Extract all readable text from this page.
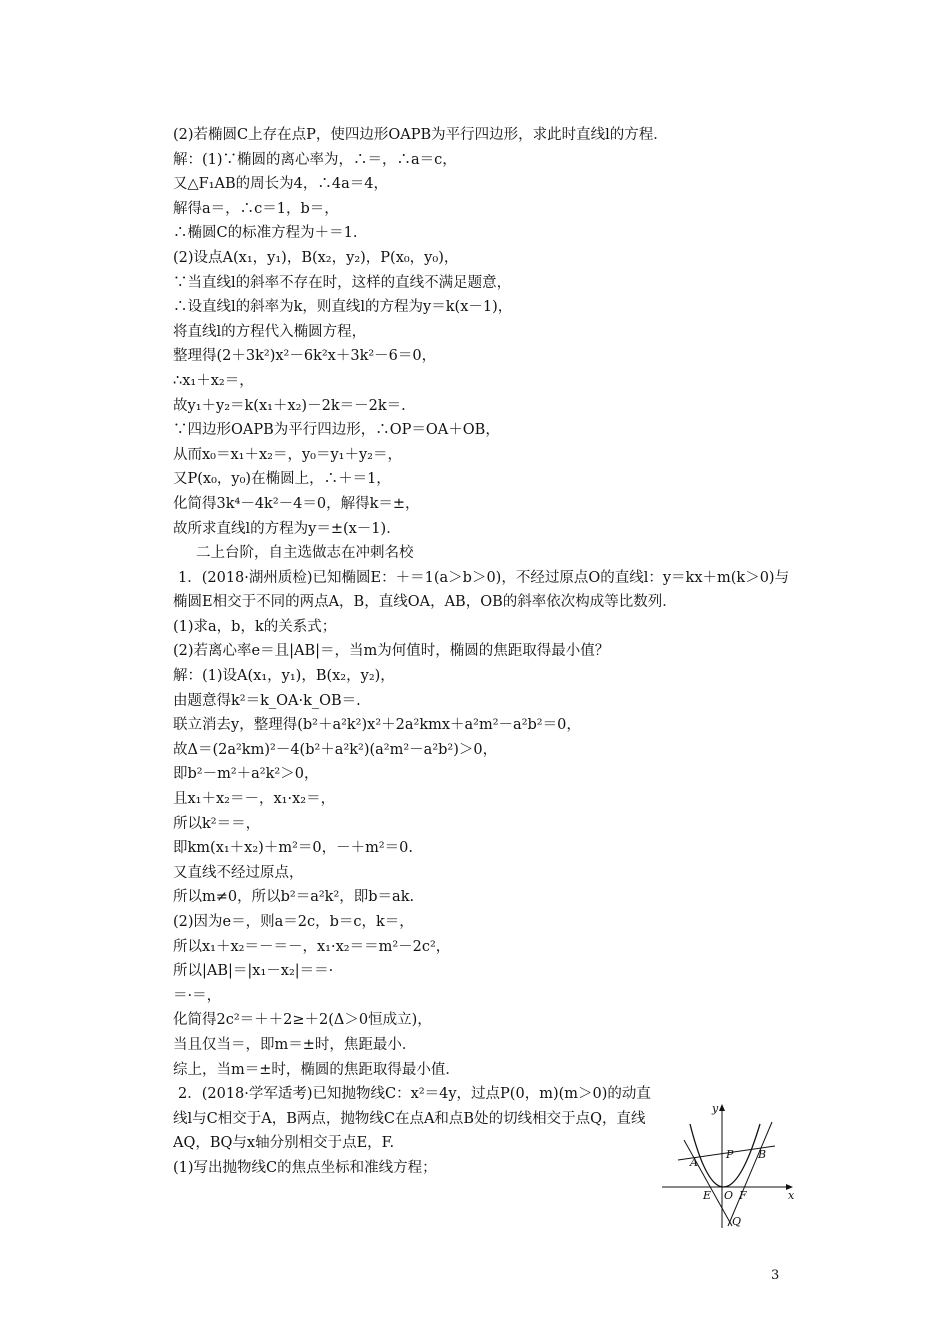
(2)若椭圆C上存在点P，使四边形OAPB为平行四边形，求此时直线l的方程．
解：(1)∵椭圆的离心率为，∴＝，∴a＝c，
又△F₁AB的周长为4，∴4a＝4，
解得a＝，∴c＝1，b＝，
∴椭圆C的标准方程为＋＝1.
(2)设点A(x₁，y₁)，B(x₂，y₂)，P(x₀，y₀)，
∵当直线l的斜率不存在时，这样的直线不满足题意，
∴设直线l的斜率为k，则直线l的方程为y＝k(x－1)，
将直线l的方程代入椭圆方程，
整理得(2＋3k²)x²－6k²x＋3k²－6＝0，
∴x₁＋x₂＝，
故y₁＋y₂＝k(x₁＋x₂)－2k＝－2k＝.
∵四边形OAPB为平行四边形，∴OP＝OA＋OB，
从而x₀＝x₁＋x₂＝，y₀＝y₁＋y₂＝，
又P(x₀，y₀)在椭圆上，∴＋＝1，
化简得3k⁴－4k²－4＝0，解得k＝±，
故所求直线l的方程为y＝±(x－1)．
二上台阶，自主选做志在冲刺名校
1．(2018·湖州质检)已知椭圆E：＋＝1(a＞b＞0)，不经过原点O的直线l：y＝kx＋m(k＞0)与椭圆E相交于不同的两点A，B，直线OA，AB，OB的斜率依次构成等比数列．
(1)求a，b，k的关系式；
(2)若离心率e＝且|AB|＝，当m为何值时，椭圆的焦距取得最小值？
解：(1)设A(x₁，y₁)，B(x₂，y₂)，
由题意得k²＝k_OA·k_OB＝.
联立消去y，整理得(b²＋a²k²)x²＋2a²kmx＋a²m²－a²b²＝0，
故Δ＝(2a²km)²－4(b²＋a²k²)(a²m²－a²b²)＞0，
即b²－m²＋a²k²＞0，
且x₁＋x₂＝－，x₁·x₂＝，
所以k²＝＝，
即km(x₁＋x₂)＋m²＝0，－＋m²＝0.
又直线不经过原点，
所以m≠0，所以b²＝a²k²，即b＝ak.
(2)因为e＝，则a＝2c，b＝c，k＝，
所以x₁＋x₂＝－＝－，x₁·x₂＝＝m²－2c²，
所以|AB|＝|x₁－x₂|＝＝·
＝·＝，
化简得2c²＝＋＋2≥＋2(Δ＞0恒成立)，
当且仅当＝，即m＝±时，焦距最小．
综上，当m＝±时，椭圆的焦距取得最小值．
2．(2018·学军适考)已知抛物线C：x²＝4y，过点P(0，m)(m＞0)的动直线l与C相交于A，B两点，抛物线C在点A和点B处的切线相交于点Q，直线AQ，BQ与x轴分别相交于点E，F.
(1)写出抛物线C的焦点坐标和准线方程；
y
x
A
P B
E O F
Q
3
